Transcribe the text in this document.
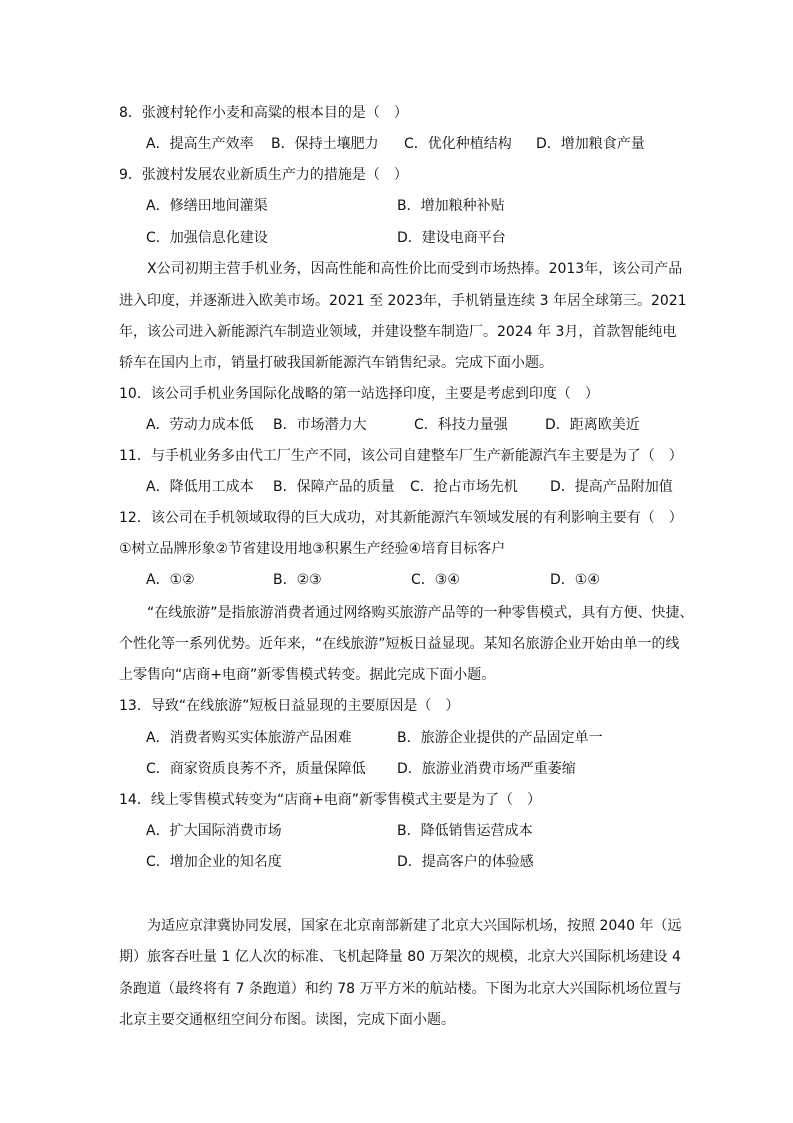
8．张渡村轮作小麦和高粱的根本目的是（　）
A．提高生产效率 B．保持土壤肥力 C．优化种植结构 D．增加粮食产量
9．张渡村发展农业新质生产力的措施是（　）
A．修缮田地间灌渠	B．增加粮种补贴
C．加强信息化建设	D．建设电商平台
X公司初期主营手机业务，因高性能和高性价比而受到市场热捧。2013年，该公司产品
进入印度，并逐渐进入欧美市场。2021 至 2023年，手机销量连续 3 年居全球第三。2021
年，该公司进入新能源汽车制造业领域，并建设整车制造厂。2024 年 3月，首款智能纯电
轿车在国内上市，销量打破我国新能源汽车销售纪录。完成下面小题。
10．该公司手机业务国际化战略的第一站选择印度，主要是考虑到印度（　）
A．劳动力成本低 B．市场潜力大	C．科技力量强	D．距离欧美近
11．与手机业务多由代工厂生产不同，该公司自建整车厂生产新能源汽车主要是为了（　）
A．降低用工成本 B．保障产品的质量 C．抢占市场先机 D．提高产品附加值
12．该公司在手机领域取得的巨大成功，对其新能源汽车领域发展的有利影响主要有（　）
①树立品牌形象②节省建设用地③积累生产经验④培育目标客户
A．①②	B．②③	C．③④	D．①④
“在线旅游”是指旅游消费者通过网络购买旅游产品等的一种零售模式，具有方便、快捷、
个性化等一系列优势。近年来，“在线旅游”短板日益显现。某知名旅游企业开始由单一的线
上零售向“店商+电商”新零售模式转变。据此完成下面小题。
13．导致“在线旅游”短板日益显现的主要原因是（　）
A．消费者购买实体旅游产品困难	B．旅游企业提供的产品固定单一
C．商家资质良莠不齐，质量保障低 D．旅游业消费市场严重萎缩
14．线上零售模式转变为“店商+电商”新零售模式主要是为了（　）
A．扩大国际消费市场	B．降低销售运营成本
C．增加企业的知名度	D．提高客户的体验感
为适应京津冀协同发展，国家在北京南部新建了北京大兴国际机场，按照 2040 年（远
期）旅客吞吐量 1 亿人次的标准、飞机起降量 80 万架次的规模，北京大兴国际机场建设 4
条跑道（最终将有 7 条跑道）和约 78 万平方米的航站楼。下图为北京大兴国际机场位置与
北京主要交通枢纽空间分布图。读图，完成下面小题。
